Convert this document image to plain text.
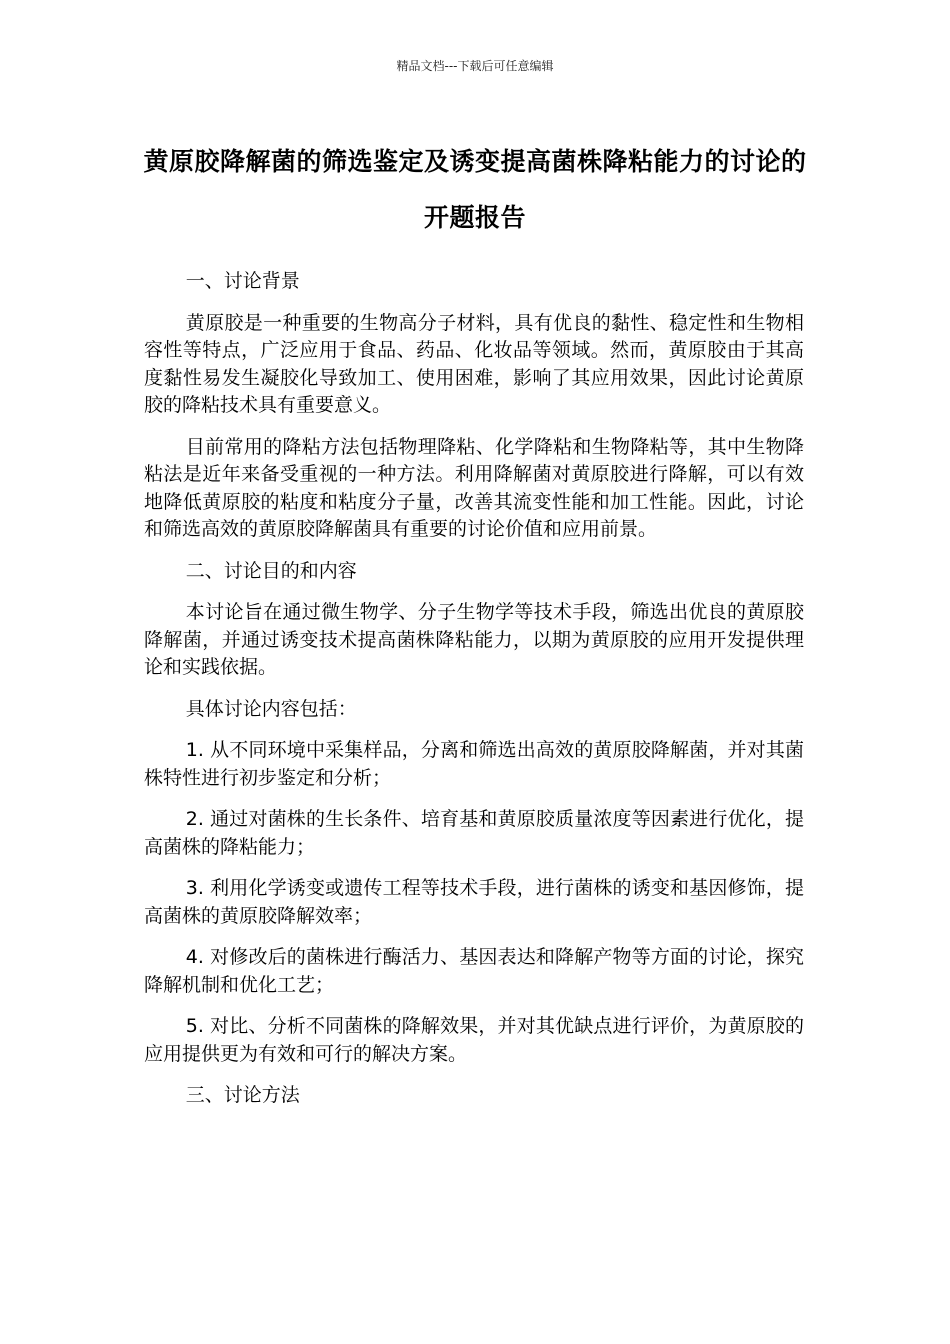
精品文档---下载后可任意编辑
黄原胶降解菌的筛选鉴定及诱变提高菌株降粘能力的讨论的开题报告

一、讨论背景

黄原胶是一种重要的生物高分子材料，具有优良的黏性、稳定性和生物相容性等特点，广泛应用于食品、药品、化妆品等领域。然而，黄原胶由于其高度黏性易发生凝胶化导致加工、使用困难，影响了其应用效果，因此讨论黄原胶的降粘技术具有重要意义。

目前常用的降粘方法包括物理降粘、化学降粘和生物降粘等，其中生物降粘法是近年来备受重视的一种方法。利用降解菌对黄原胶进行降解，可以有效地降低黄原胶的粘度和粘度分子量，改善其流变性能和加工性能。因此，讨论和筛选高效的黄原胶降解菌具有重要的讨论价值和应用前景。

二、讨论目的和内容

本讨论旨在通过微生物学、分子生物学等技术手段，筛选出优良的黄原胶降解菌，并通过诱变技术提高菌株降粘能力，以期为黄原胶的应用开发提供理论和实践依据。

具体讨论内容包括：

1. 从不同环境中采集样品，分离和筛选出高效的黄原胶降解菌，并对其菌株特性进行初步鉴定和分析；

2. 通过对菌株的生长条件、培育基和黄原胶质量浓度等因素进行优化，提高菌株的降粘能力；

3. 利用化学诱变或遗传工程等技术手段，进行菌株的诱变和基因修饰，提高菌株的黄原胶降解效率；

4. 对修改后的菌株进行酶活力、基因表达和降解产物等方面的讨论，探究降解机制和优化工艺；

5. 对比、分析不同菌株的降解效果，并对其优缺点进行评价，为黄原胶的应用提供更为有效和可行的解决方案。

三、讨论方法
